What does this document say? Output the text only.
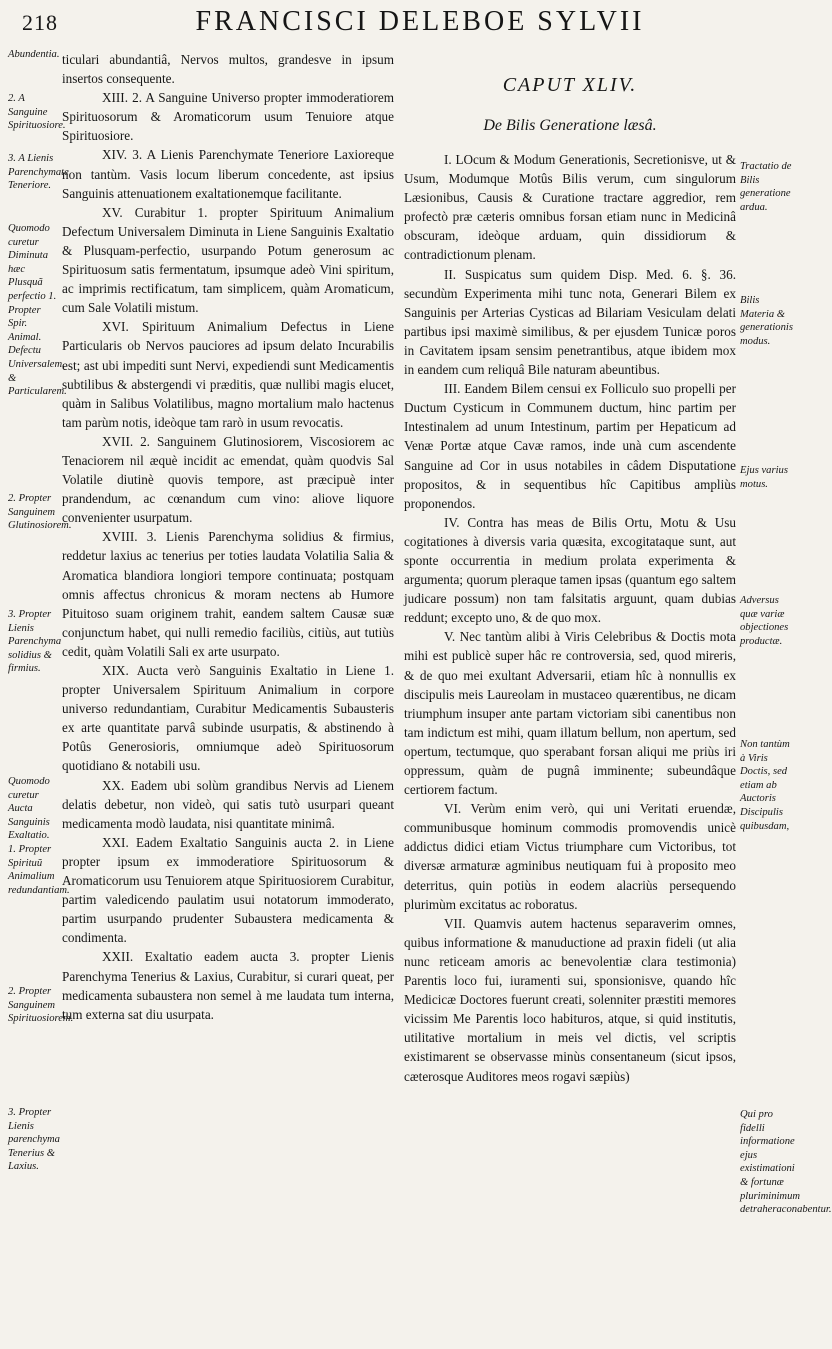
218	FRANCISCI DELEBOE SYLVII
Abundentia.
2. A Sanguine Spirituosiore.
3. A Lienis Parenchymate Teneriore.
Quomodo curetur Diminuta hæc Plusquã perfectio 1. Propter Spir. Animal. Defectu Universalem, & Particularem.
2. Propter Sanguinem Glutinosiorem.
3. Propter Lienis Parenchyma solidius & firmius.
Quomodo curetur Aucta Sanguinis Exaltatio. 1. Propter Spirituũ Animalium redundantiam.
2. Propter Sanguinem Spirituosiorem.
3. Propter Lienis parenchyma Tenerius & Laxius.
Tractatio de Bilis generatione ardua.
Bilis Materia & generationis modus.
Ejus varius motus.
Adversus quæ variæ objectiones productæ.
Non tantùm à Viris Doctis, sed etiam ab Auctoris Discipulis quibusdam,
Qui pro fidelli informatione ejus existimationi & fortunæ pluriminimum detraheraconabentur.

ticulari abundantiâ, Nervos multos, grandesve in ipsum insertos consequente.

XIII. 2. A Sanguine Universo propter immoderatiorem Spirituosorum & Aromaticorum usum Tenuiore atque Spirituosiore.

XIV. 3. A Lienis Parenchymate Teneriore Laxioreque non tantùm. Vasis locum liberum concedente, ast ipsius Sanguinis attenuationem exaltationemque facilitante.

XV. Curabitur 1. propter Spirituum Animalium Defectum Universalem Diminuta in Liene Sanguinis Exaltatio & Plusquam-perfectio, usurpando Potum generosum ac Spirituosum satis fermentatum, ipsumque adeò Vini spiritum, ac imprimis rectificatum, tam simplicem, quàm Aromaticum, cum Sale Volatili mistum.

XVI. Spirituum Animalium Defectus in Liene Particularis ob Nervos pauciores ad ipsum delato Incurabilis est; ast ubi impediti sunt Nervi, expediendi sunt Medicamentis subtilibus & abstergendi vi præditis, quæ nullibi magis elucet, quàm in Salibus Volatilibus, magno mortalium malo hactenus tam parùm notis, ideòque tam rarò in usum revocatis.

XVII. 2. Sanguinem Glutinosiorem, Viscosiorem ac Tenaciorem nil æquè incidit ac emendat, quàm quodvis Sal Volatile diutinè quovis tempore, ast præcipuè inter prandendum, ac cœnandum cum vino: aliove liquore convenienter usurpatum.

XVIII. 3. Lienis Parenchyma solidius & firmius, reddetur laxius ac tenerius per toties laudata Volatilia Salia & Aromatica blandiora longiori tempore continuata; postquam omnis affectus chronicus & moram nectens ab Humore Pituitoso suam originem trahit, eandem saltem Causæ suæ conjunctum habet, qui nulli remedio faciliùs, citiùs, aut tutiùs cedit, quàm Volatili Sali ex arte usurpato.

XIX. Aucta verò Sanguinis Exaltatio in Liene 1. propter Universalem Spirituum Animalium in corpore universo redundantiam, Curabitur Medicamentis Subausteris ex arte quantitate parvâ subinde usurpatis, & abstinendo à Potûs Generosioris, omniumque adeò Spirituosorum quotidiano & notabili usu.

XX. Eadem ubi solùm grandibus Nervis ad Lienem delatis debetur, non videò, qui satis tutò usurpari queant medicamenta modò laudata, nisi quantitate minimâ.

XXI. Eadem Exaltatio Sanguinis aucta 2. in Liene propter ipsum ex immoderatiore Spirituosorum & Aromaticorum usu Tenuiorem atque Spirituosiorem Curabitur, partim valedicendo paulatim usui notatorum immoderato, partim usurpando prudenter Subaustera medicamenta & condimenta.

XXII. Exaltatio eadem aucta 3. propter Lienis Parenchyma Tenerius & Laxius, Curabitur, si curari queat, per medicamenta subaustera non semel à me laudata tum interna, tum externa sat diu usurpata.

CAPUT XLIV.

De Bilis Generatione læsâ.

I. LOcum & Modum Generationis, Secretionisve, ut & Usum, Modumque Motûs Bilis verum, cum singulorum Læsionibus, Causis & Curatione tractare aggredior, rem profectò præ cæteris omnibus forsan etiam nunc in Medicinâ obscuram, ideòque arduam, quin dissidiorum & contradictionum plenam.

II. Suspicatus sum quidem Disp. Med. 6. §. 36. secundùm Experimenta mihi tunc nota, Generari Bilem ex Sanguinis per Arterias Cysticas ad Bilariam Vesiculam delati partibus ipsi maximè similibus, & per ejusdem Tunicæ poros in Cavitatem ipsam sensim penetrantibus, atque ibidem mox in eandem cum reliquâ Bile naturam abeuntibus.

III. Eandem Bilem censui ex Folliculo suo propelli per Ductum Cysticum in Communem ductum, hinc partim per Intestinalem ad unum Intestinum, partim per Hepaticum ad Venæ Portæ atque Cavæ ramos, inde unà cum ascendente Sanguine ad Cor in usus notabiles in câdem Disputatione propositos, & in sequentibus hîc Capitibus ampliùs proponendos.

IV. Contra has meas de Bilis Ortu, Motu & Usu cogitationes à diversis varia quæsita, excogitataque sunt, aut sponte occurrentia in medium prolata experimenta & argumenta; quorum pleraque tamen ipsas (quantum ego saltem judicare possum) non tam falsitatis arguunt, quam dubias reddunt; excepto uno, & de quo mox.

V. Nec tantùm alibi à Viris Celebribus & Doctis mota mihi est publicè super hâc re controversia, sed, quod mireris, & de quo mei exultant Adversarii, etiam hîc à nonnullis ex discipulis meis Laureolam in mustaceo quærentibus, ne dicam triumphum insuper ante partam victoriam sibi canentibus non tam indictum est mihi, quam illatum bellum, non apertum, sed opertum, tectumque, quo sperabant forsan aliqui me priùs iri oppressum, quàm de pugnâ imminente; subeundâque certiorem factum.

VI. Verùm enim verò, qui uni Veritati eruendæ, communibusque hominum commodis promovendis unicè addictus didici etiam Victus triumphare cum Victoribus, tot diversæ armaturæ agminibus neutiquam fui à proposito meo deterritus, quin potiùs in eodem alacriùs persequendo plurimùm excitatus ac roboratus.

VII. Quamvis autem hactenus separaverim omnes, quibus informatione & manuductione ad praxin fideli (ut alia nunc reticeam amoris ac benevolentiæ clara testimonia) Parentis loco fui, iuramenti sui, sponsionisve, quando hîc Medicicæ Doctores fuerunt creati, solenniter præstiti memores vicissim Me Parentis loco habituros, atque, si quid institutis, utilitative mortalium in meis vel dictis, vel scriptis existimarent se observasse minùs consentaneum (sicut ipsos, cæterosque Auditores meos rogavi sæpiùs)
